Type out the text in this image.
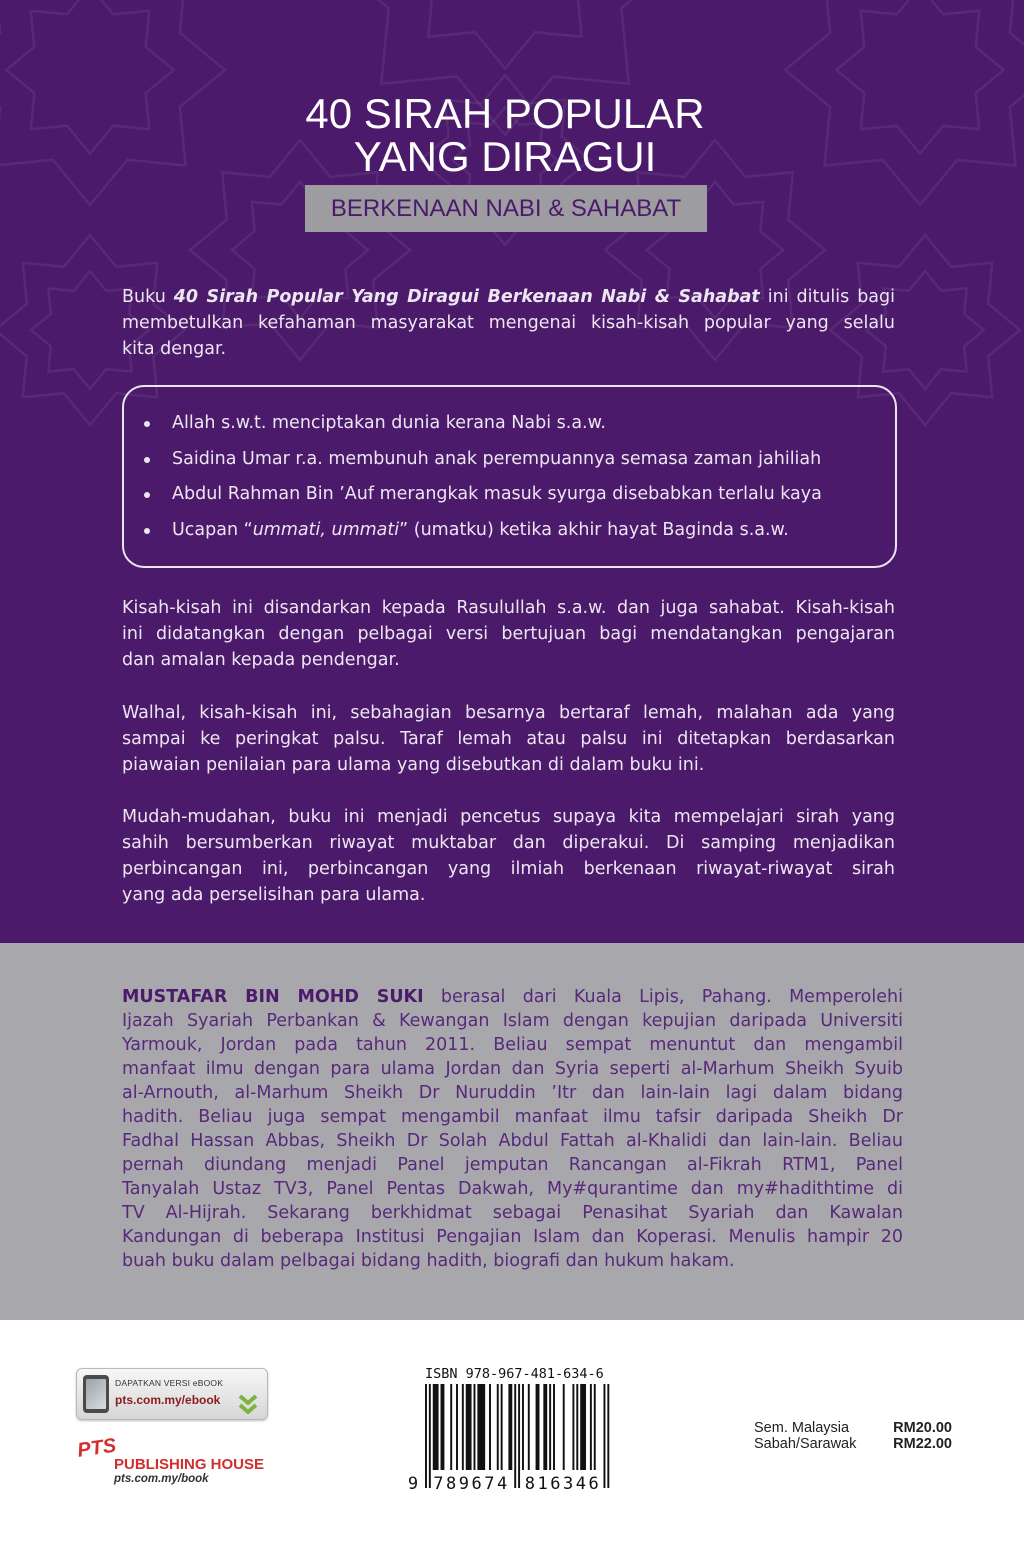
40 SIRAH POPULAR
YANG DIRAGUI
BERKENAAN NABI & SAHABAT
Buku 40 Sirah Popular Yang Diragui Berkenaan Nabi & Sahabat ini ditulis bagi
membetulkan kefahaman masyarakat mengenai kisah-kisah popular yang selalu
kita dengar.
Allah s.w.t. menciptakan dunia kerana Nabi s.a.w.
Saidina Umar r.a. membunuh anak perempuannya semasa zaman jahiliah
Abdul Rahman Bin ’Auf merangkak masuk syurga disebabkan terlalu kaya
Ucapan “ummati, ummati” (umatku) ketika akhir hayat Baginda s.a.w.
Kisah-kisah ini disandarkan kepada Rasulullah s.a.w. dan juga sahabat. Kisah-kisah
ini didatangkan dengan pelbagai versi bertujuan bagi mendatangkan pengajaran
dan amalan kepada pendengar.
Walhal, kisah-kisah ini, sebahagian besarnya bertaraf lemah, malahan ada yang
sampai ke peringkat palsu. Taraf lemah atau palsu ini ditetapkan berdasarkan
piawaian penilaian para ulama yang disebutkan di dalam buku ini.
Mudah-mudahan, buku ini menjadi pencetus supaya kita mempelajari sirah yang
sahih bersumberkan riwayat muktabar dan diperakui. Di samping menjadikan
perbincangan ini, perbincangan yang ilmiah berkenaan riwayat-riwayat sirah
yang ada perselisihan para ulama.
MUSTAFAR BIN MOHD SUKI berasal dari Kuala Lipis, Pahang. Memperolehi
Ijazah Syariah Perbankan & Kewangan Islam dengan kepujian daripada Universiti
Yarmouk, Jordan pada tahun 2011. Beliau sempat menuntut dan mengambil
manfaat ilmu dengan para ulama Jordan dan Syria seperti al-Marhum Sheikh Syuib
al-Arnouth, al-Marhum Sheikh Dr Nuruddin ’Itr dan lain-lain lagi dalam bidang
hadith. Beliau juga sempat mengambil manfaat ilmu tafsir daripada Sheikh Dr
Fadhal Hassan Abbas, Sheikh Dr Solah Abdul Fattah al-Khalidi dan lain-lain. Beliau
pernah diundang menjadi Panel jemputan Rancangan al-Fikrah RTM1, Panel
Tanyalah Ustaz TV3, Panel Pentas Dakwah, My#qurantime dan my#hadithtime di
TV Al-Hijrah. Sekarang berkhidmat sebagai Penasihat Syariah dan Kawalan
Kandungan di beberapa Institusi Pengajian Islam dan Koperasi. Menulis hampir 20
buah buku dalam pelbagai bidang hadith, biografi dan hukum hakam.
DAPATKAN VERSI eBOOK
pts.com.my/ebook
PTS
PUBLISHING HOUSE
pts.com.my/book
ISBN 978-967-481-634-6
9 789674 816346
Sem. Malaysia	RM20.00
Sabah/Sarawak	RM22.00
